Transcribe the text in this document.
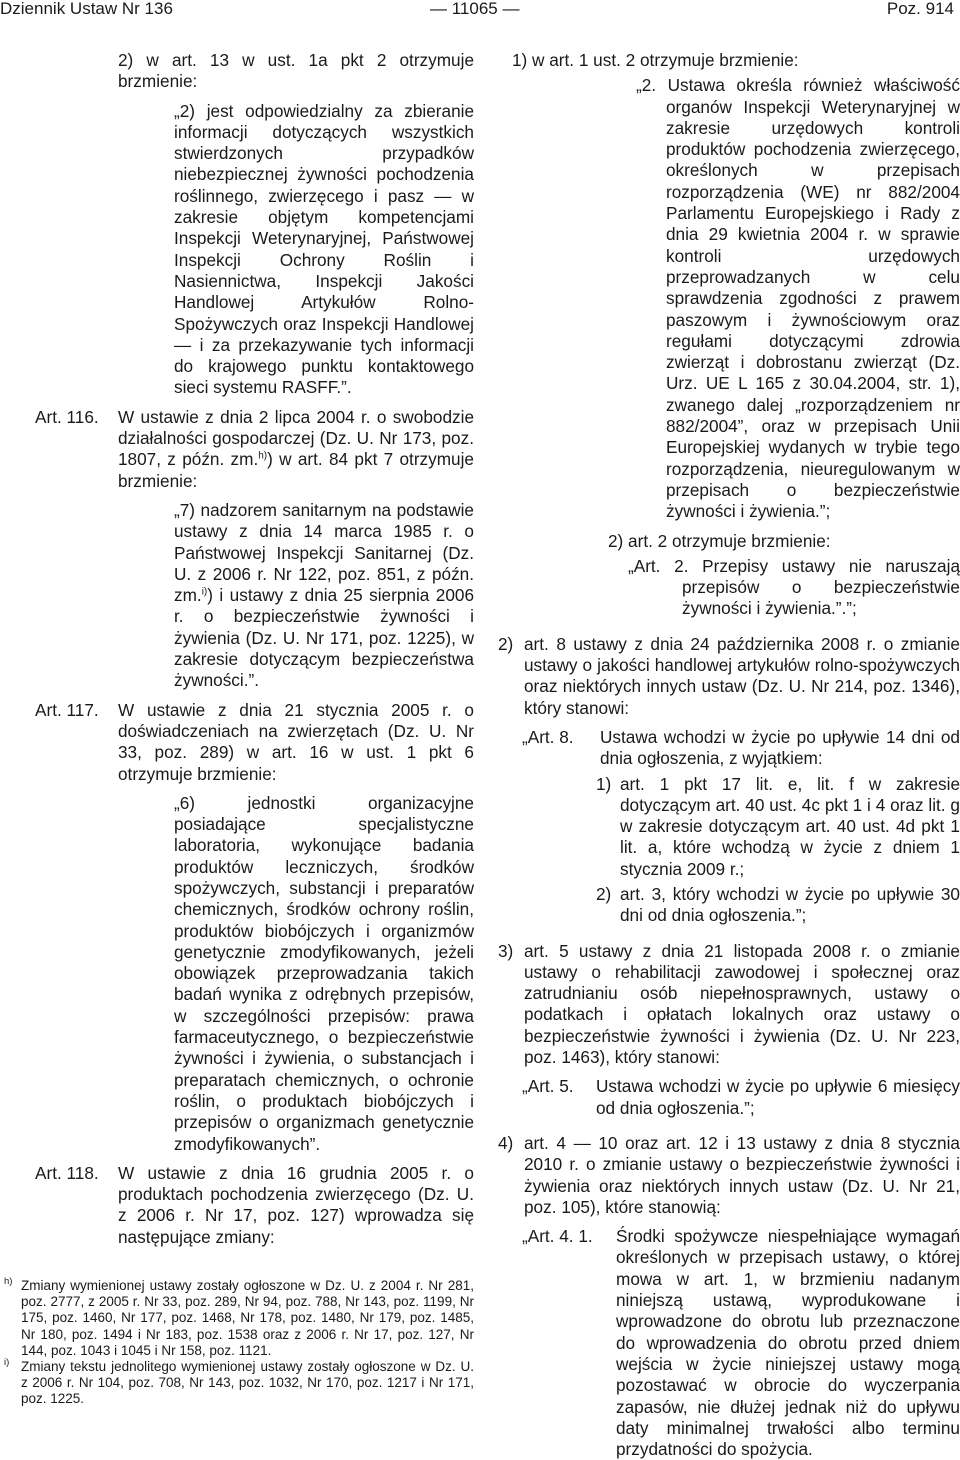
Dziennik Ustaw Nr 136	— 11065 —	Poz. 914

2) w art. 13 w ust. 1a pkt 2 otrzymuje brzmienie:

„2) jest odpowiedzialny za zbieranie informacji dotyczących wszystkich stwierdzonych przypadków niebezpiecznej żywności pochodzenia roślinnego, zwierzęcego i pasz — w zakresie objętym kompetencjami Inspekcji Weterynaryjnej, Państwowej Inspekcji Ochrony Roślin i Nasiennictwa, Inspekcji Jakości Handlowej Artykułów Rolno-Spożywczych oraz Inspekcji Handlowej — i za przekazywanie tych informacji do krajowego punktu kontaktowego sieci systemu RASFF.”.

Art. 116.	W ustawie z dnia 2 lipca 2004 r. o swobodzie działalności gospodarczej (Dz. U. Nr 173, poz. 1807, z późn. zm.$^{h)}$) w art. 84 pkt 7 otrzymuje brzmienie:

„7) nadzorem sanitarnym na podstawie ustawy z dnia 14 marca 1985 r. o Państwowej Inspekcji Sanitarnej (Dz. U. z 2006 r. Nr 122, poz. 851, z późn. zm.$^{i)}$) i ustawy z dnia 25 sierpnia 2006 r. o bezpieczeństwie żywności i żywienia (Dz. U. Nr 171, poz. 1225), w zakresie dotyczącym bezpieczeństwa żywności.”.

Art. 117.	W ustawie z dnia 21 stycznia 2005 r. o doświadczeniach na zwierzętach (Dz. U. Nr 33, poz. 289) w art. 16 w ust. 1 pkt 6 otrzymuje brzmienie:

„6) jednostki organizacyjne posiadające specjalistyczne laboratoria, wykonujące badania produktów leczniczych, środków spożywczych, substancji i preparatów chemicznych, środków ochrony roślin, produktów biobójczych i organizmów genetycznie zmodyfikowanych, jeżeli obowiązek przeprowadzania takich badań wynika z odrębnych przepisów, w szczególności przepisów: prawa farmaceutycznego, o bezpieczeństwie żywności i żywienia, o substancjach i preparatach chemicznych, o ochronie roślin, o produktach biobójczych i przepisów o organizmach genetycznie zmodyfikowanych”.

Art. 118.	W ustawie z dnia 16 grudnia 2005 r. o produktach pochodzenia zwierzęcego (Dz. U. z 2006 r. Nr 17, poz. 127) wprowadza się następujące zmiany:

h) Zmiany wymienionej ustawy zostały ogłoszone w Dz. U. z 2004 r. Nr 281, poz. 2777, z 2005 r. Nr 33, poz. 289, Nr 94, poz. 788, Nr 143, poz. 1199, Nr 175, poz. 1460, Nr 177, poz. 1468, Nr 178, poz. 1480, Nr 179, poz. 1485, Nr 180, poz. 1494 i Nr 183, poz. 1538 oraz z 2006 r. Nr 17, poz. 127, Nr 144, poz. 1043 i 1045 i Nr 158, poz. 1121.
i) Zmiany tekstu jednolitego wymienionej ustawy zostały ogłoszone w Dz. U. z 2006 r. Nr 104, poz. 708, Nr 143, poz. 1032, Nr 170, poz. 1217 i Nr 171, poz. 1225.

1) w art. 1 ust. 2 otrzymuje brzmienie:

„2. Ustawa określa również właściwość organów Inspekcji Weterynaryjnej w zakresie urzędowych kontroli produktów pochodzenia zwierzęcego, określonych w przepisach rozporządzenia (WE) nr 882/2004 Parlamentu Europejskiego i Rady z dnia 29 kwietnia 2004 r. w sprawie kontroli urzędowych przeprowadzanych w celu sprawdzenia zgodności z prawem paszowym i żywnościowym oraz regułami dotyczącymi zdrowia zwierząt i dobrostanu zwierząt (Dz. Urz. UE L 165 z 30.04.2004, str. 1), zwanego dalej „rozporządzeniem nr 882/2004”, oraz w przepisach Unii Europejskiej wydanych w trybie tego rozporządzenia, nieuregulowanym w przepisach o bezpieczeństwie żywności i żywienia.”;

2) art. 2 otrzymuje brzmienie:

„Art. 2. Przepisy ustawy nie naruszają przepisów o bezpieczeństwie żywności i żywienia.”.”;

2) art. 8 ustawy z dnia 24 października 2008 r. o zmianie ustawy o jakości handlowej artykułów rolno-spożywczych oraz niektórych innych ustaw (Dz. U. Nr 214, poz. 1346), który stanowi:

„Art. 8.	Ustawa wchodzi w życie po upływie 14 dni od dnia ogłoszenia, z wyjątkiem:

1) art. 1 pkt 17 lit. e, lit. f w zakresie dotyczącym art. 40 ust. 4c pkt 1 i 4 oraz lit. g w zakresie dotyczącym art. 40 ust. 4d pkt 1 lit. a, które wchodzą w życie z dniem 1 stycznia 2009 r.;

2) art. 3, który wchodzi w życie po upływie 30 dni od dnia ogłoszenia.”;

3) art. 5 ustawy z dnia 21 listopada 2008 r. o zmianie ustawy o rehabilitacji zawodowej i społecznej oraz zatrudnianiu osób niepełnosprawnych, ustawy o podatkach i opłatach lokalnych oraz ustawy o bezpieczeństwie żywności i żywienia (Dz. U. Nr 223, poz. 1463), który stanowi:

„Art. 5.	Ustawa wchodzi w życie po upływie 6 miesięcy od dnia ogłoszenia.”;

4) art. 4 — 10 oraz art. 12 i 13 ustawy z dnia 8 stycznia 2010 r. o zmianie ustawy o bezpieczeństwie żywności i żywienia oraz niektórych innych ustaw (Dz. U. Nr 21, poz. 105), które stanowią:

„Art. 4. 1.	Środki spożywcze niespełniające wymagań określonych w przepisach ustawy, o której mowa w art. 1, w brzmieniu nadanym niniejszą ustawą, wyprodukowane i wprowadzone do obrotu lub przeznaczone do wprowadzenia do obrotu przed dniem wejścia w życie niniejszej ustawy mogą pozostawać w obrocie do wyczerpania zapasów, nie dłużej jednak niż do upływu daty minimalnej trwałości albo terminu przydatności do spożycia.
